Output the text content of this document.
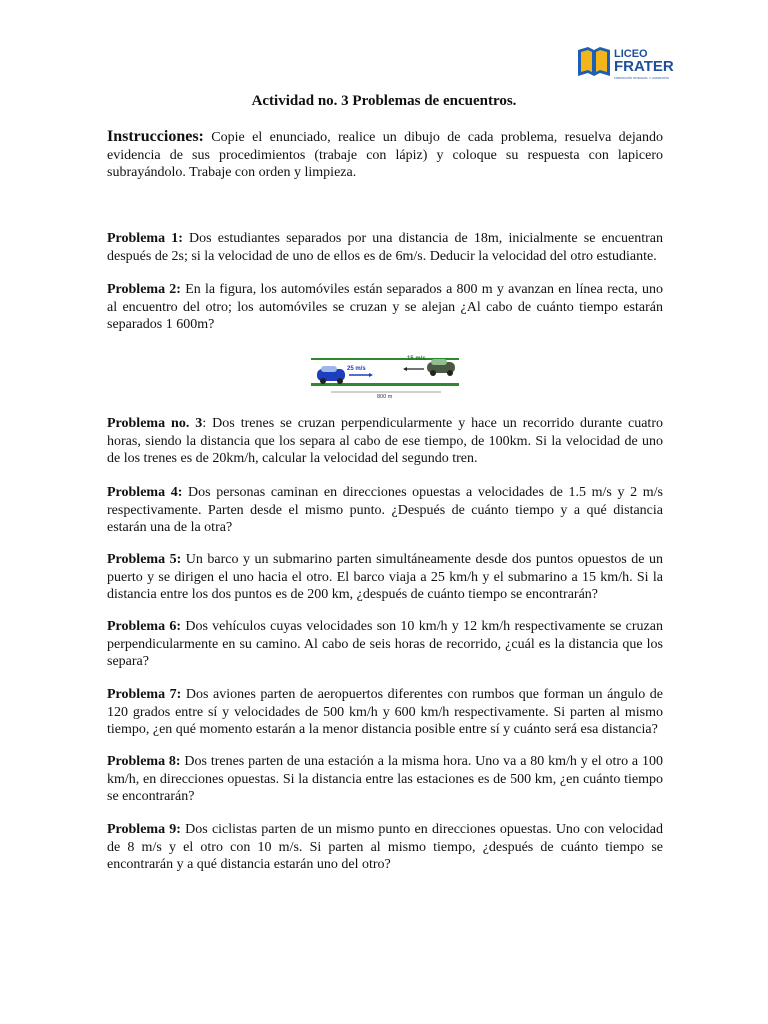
LICEO
FRATER
FORMACIÓN INTEGRAL Y HUMANISTA
Actividad no. 3 Problemas de encuentros.
Instrucciones: Copie el enunciado, realice un dibujo de cada problema, resuelva dejando evidencia de sus procedimientos (trabaje con lápiz) y coloque su respuesta con lapicero subrayándolo. Trabaje con orden y limpieza.
Problema 1: Dos estudiantes separados por una distancia de 18m, inicialmente se encuentran después de 2s; si la velocidad de uno de ellos es de 6m/s. Deducir la velocidad del otro estudiante.
Problema 2: En la figura, los automóviles están separados a 800 m y avanzan en línea recta, uno al encuentro del otro; los automóviles se cruzan y se alejan ¿Al cabo de cuánto tiempo estarán separados 1 600m?
15 m/s
25 m/s
800 m
Problema no. 3: Dos trenes se cruzan perpendicularmente y hace un recorrido durante cuatro horas, siendo la distancia que los separa al cabo de ese tiempo, de 100km. Si la velocidad de uno de los trenes es de 20km/h, calcular la velocidad del segundo tren.
Problema 4: Dos personas caminan en direcciones opuestas a velocidades de 1.5 m/s y 2 m/s respectivamente. Parten desde el mismo punto. ¿Después de cuánto tiempo y a qué distancia estarán una de la otra?
Problema 5: Un barco y un submarino parten simultáneamente desde dos puntos opuestos de un puerto y se dirigen el uno hacia el otro. El barco viaja a 25 km/h y el submarino a 15 km/h. Si la distancia entre los dos puntos es de 200 km, ¿después de cuánto tiempo se encontrarán?
Problema 6: Dos vehículos cuyas velocidades son 10 km/h y 12 km/h respectivamente se cruzan perpendicularmente en su camino. Al cabo de seis horas de recorrido, ¿cuál es la distancia que los separa?
Problema 7: Dos aviones parten de aeropuertos diferentes con rumbos que forman un ángulo de 120 grados entre sí y velocidades de 500 km/h y 600 km/h respectivamente. Si parten al mismo tiempo, ¿en qué momento estarán a la menor distancia posible entre sí y cuánto será esa distancia?
Problema 8: Dos trenes parten de una estación a la misma hora. Uno va a 80 km/h y el otro a 100 km/h, en direcciones opuestas. Si la distancia entre las estaciones es de 500 km, ¿en cuánto tiempo se encontrarán?
Problema 9: Dos ciclistas parten de un mismo punto en direcciones opuestas. Uno con velocidad de 8 m/s y el otro con 10 m/s. Si parten al mismo tiempo, ¿después de cuánto tiempo se encontrarán y a qué distancia estarán uno del otro?
